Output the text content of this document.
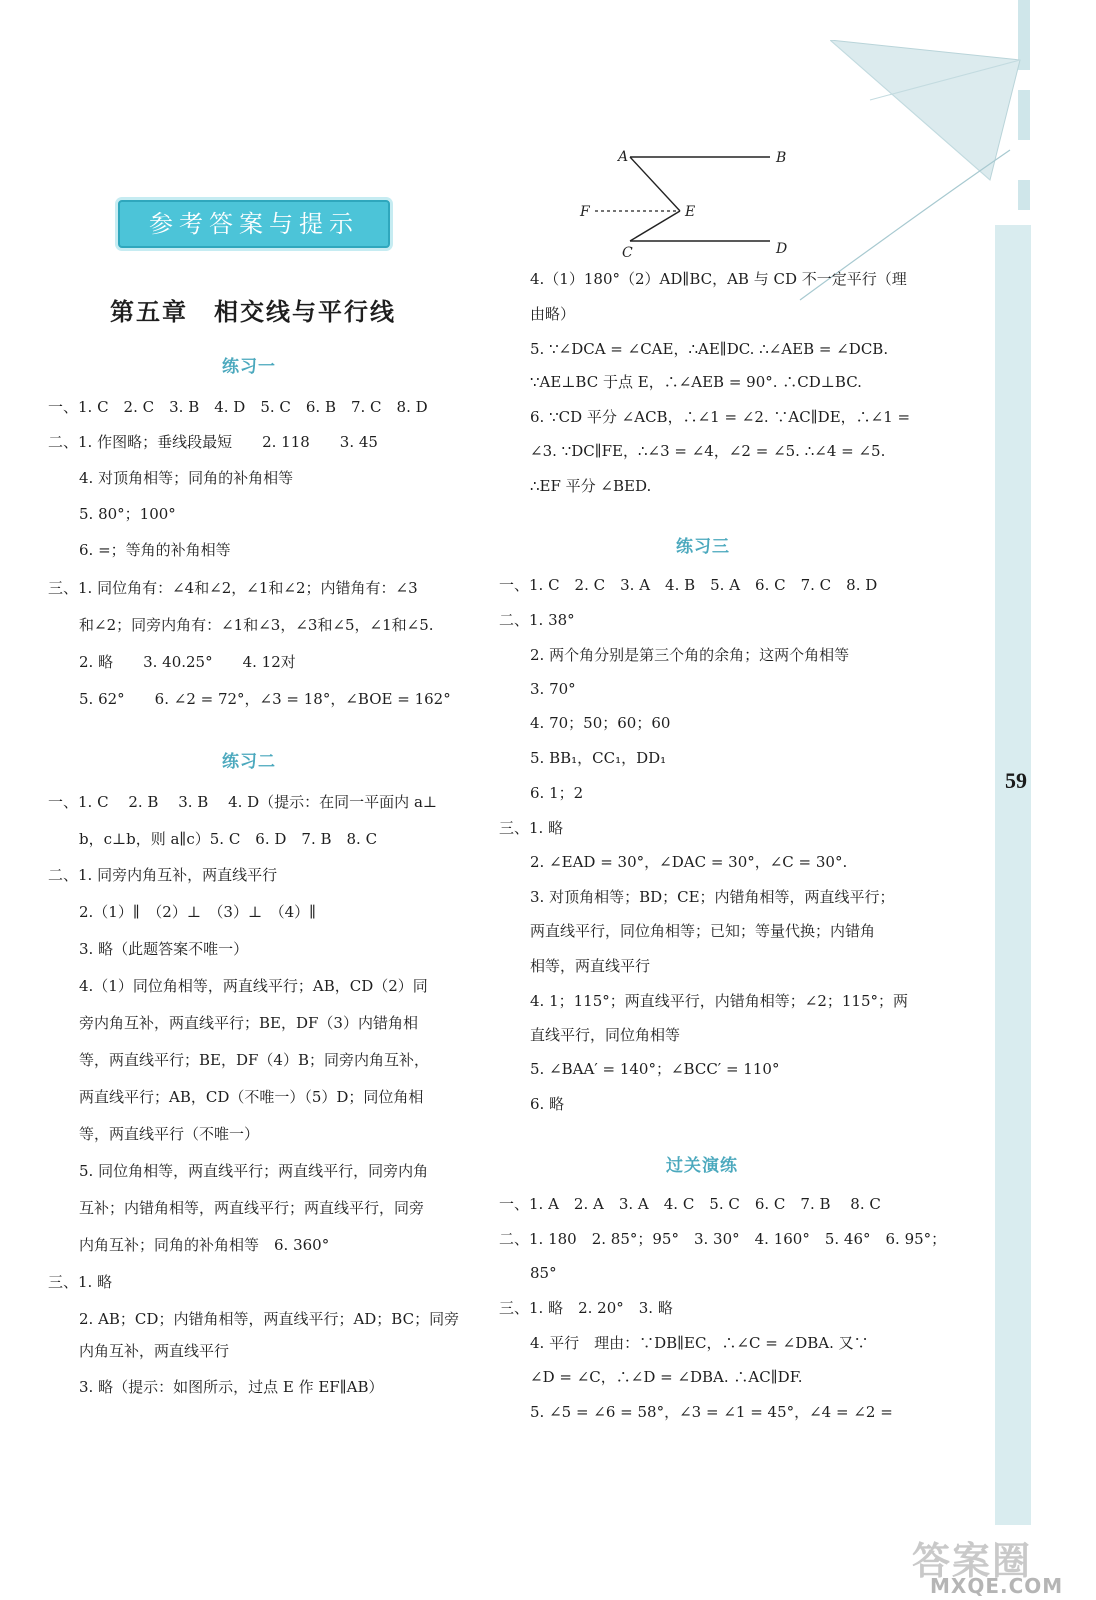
59
参考答案与提示
第五章　相交线与平行线
A	B
F	E
C	D
练习一
一、1. C　2. C　3. B　4. D　5. C　6. B　7. C　8. D
二、1. 作图略；垂线段最短　　2. 118　　3. 45
4. 对顶角相等；同角的补角相等
5. 80°；100°
6. =；等角的补角相等
三、1. 同位角有：∠4和∠2，∠1和∠2；内错角有：∠3
和∠2；同旁内角有：∠1和∠3，∠3和∠5，∠1和∠5.
2. 略　　3. 40.25°　　4. 12对
5. 62°　　6. ∠2 = 72°，∠3 = 18°，∠BOE = 162°
练习二
一、1. C　 2. B　 3. B　 4. D（提示：在同一平面内 a⊥
b，c⊥b，则 a∥c）5. C　6. D　7. B　8. C
二、1. 同旁内角互补，两直线平行
2.（1）∥　（2）⊥　（3）⊥　（4）∥
3. 略（此题答案不唯一）
4.（1）同位角相等，两直线平行；AB，CD（2）同
旁内角互补，两直线平行；BE，DF（3）内错角相
等，两直线平行；BE，DF（4）B；同旁内角互补，
两直线平行；AB，CD（不唯一）（5）D；同位角相
等，两直线平行（不唯一）
5. 同位角相等，两直线平行；两直线平行，同旁内角
互补；内错角相等，两直线平行；两直线平行，同旁
内角互补；同角的补角相等　6. 360°
三、1. 略
2. AB；CD；内错角相等，两直线平行；AD；BC；同旁
内角互补，两直线平行
3. 略（提示：如图所示，过点 E 作 EF∥AB）
4.（1）180°（2）AD∥BC，AB 与 CD 不一定平行（理
由略）
5. ∵∠DCA = ∠CAE，∴AE∥DC. ∴∠AEB = ∠DCB.
∵AE⊥BC 于点 E，∴∠AEB = 90°. ∴CD⊥BC.
6. ∵CD 平分 ∠ACB，∴∠1 = ∠2. ∵AC∥DE，∴∠1 =
∠3. ∵DC∥FE，∴∠3 = ∠4，∠2 = ∠5. ∴∠4 = ∠5.
∴EF 平分 ∠BED.
练习三
一、1. C　2. C　3. A　4. B　5. A　6. C　7. C　8. D
二、1. 38°
2. 两个角分别是第三个角的余角；这两个角相等
3. 70°
4. 70；50；60；60
5. BB₁，CC₁，DD₁
6. 1；2
三、1. 略
2. ∠EAD = 30°，∠DAC = 30°，∠C = 30°.
3. 对顶角相等；BD；CE；内错角相等，两直线平行；
两直线平行，同位角相等；已知；等量代换；内错角
相等，两直线平行
4. 1；115°；两直线平行，内错角相等；∠2；115°；两
直线平行，同位角相等
5. ∠BAA′ = 140°；∠BCC′ = 110°
6. 略
过关演练
一、1. A　2. A　3. A　4. C　5. C　6. C　7. B　 8. C
二、1. 180　2. 85°；95°　3. 30°　4. 160°　5. 46°　6. 95°；
85°
三、1. 略　2. 20°　3. 略
4. 平行　理由：∵DB∥EC，∴∠C = ∠DBA. 又∵
∠D = ∠C，∴∠D = ∠DBA. ∴AC∥DF.
5. ∠5 = ∠6 = 58°，∠3 = ∠1 = 45°，∠4 = ∠2 =
答案圈
MXQE.COM
